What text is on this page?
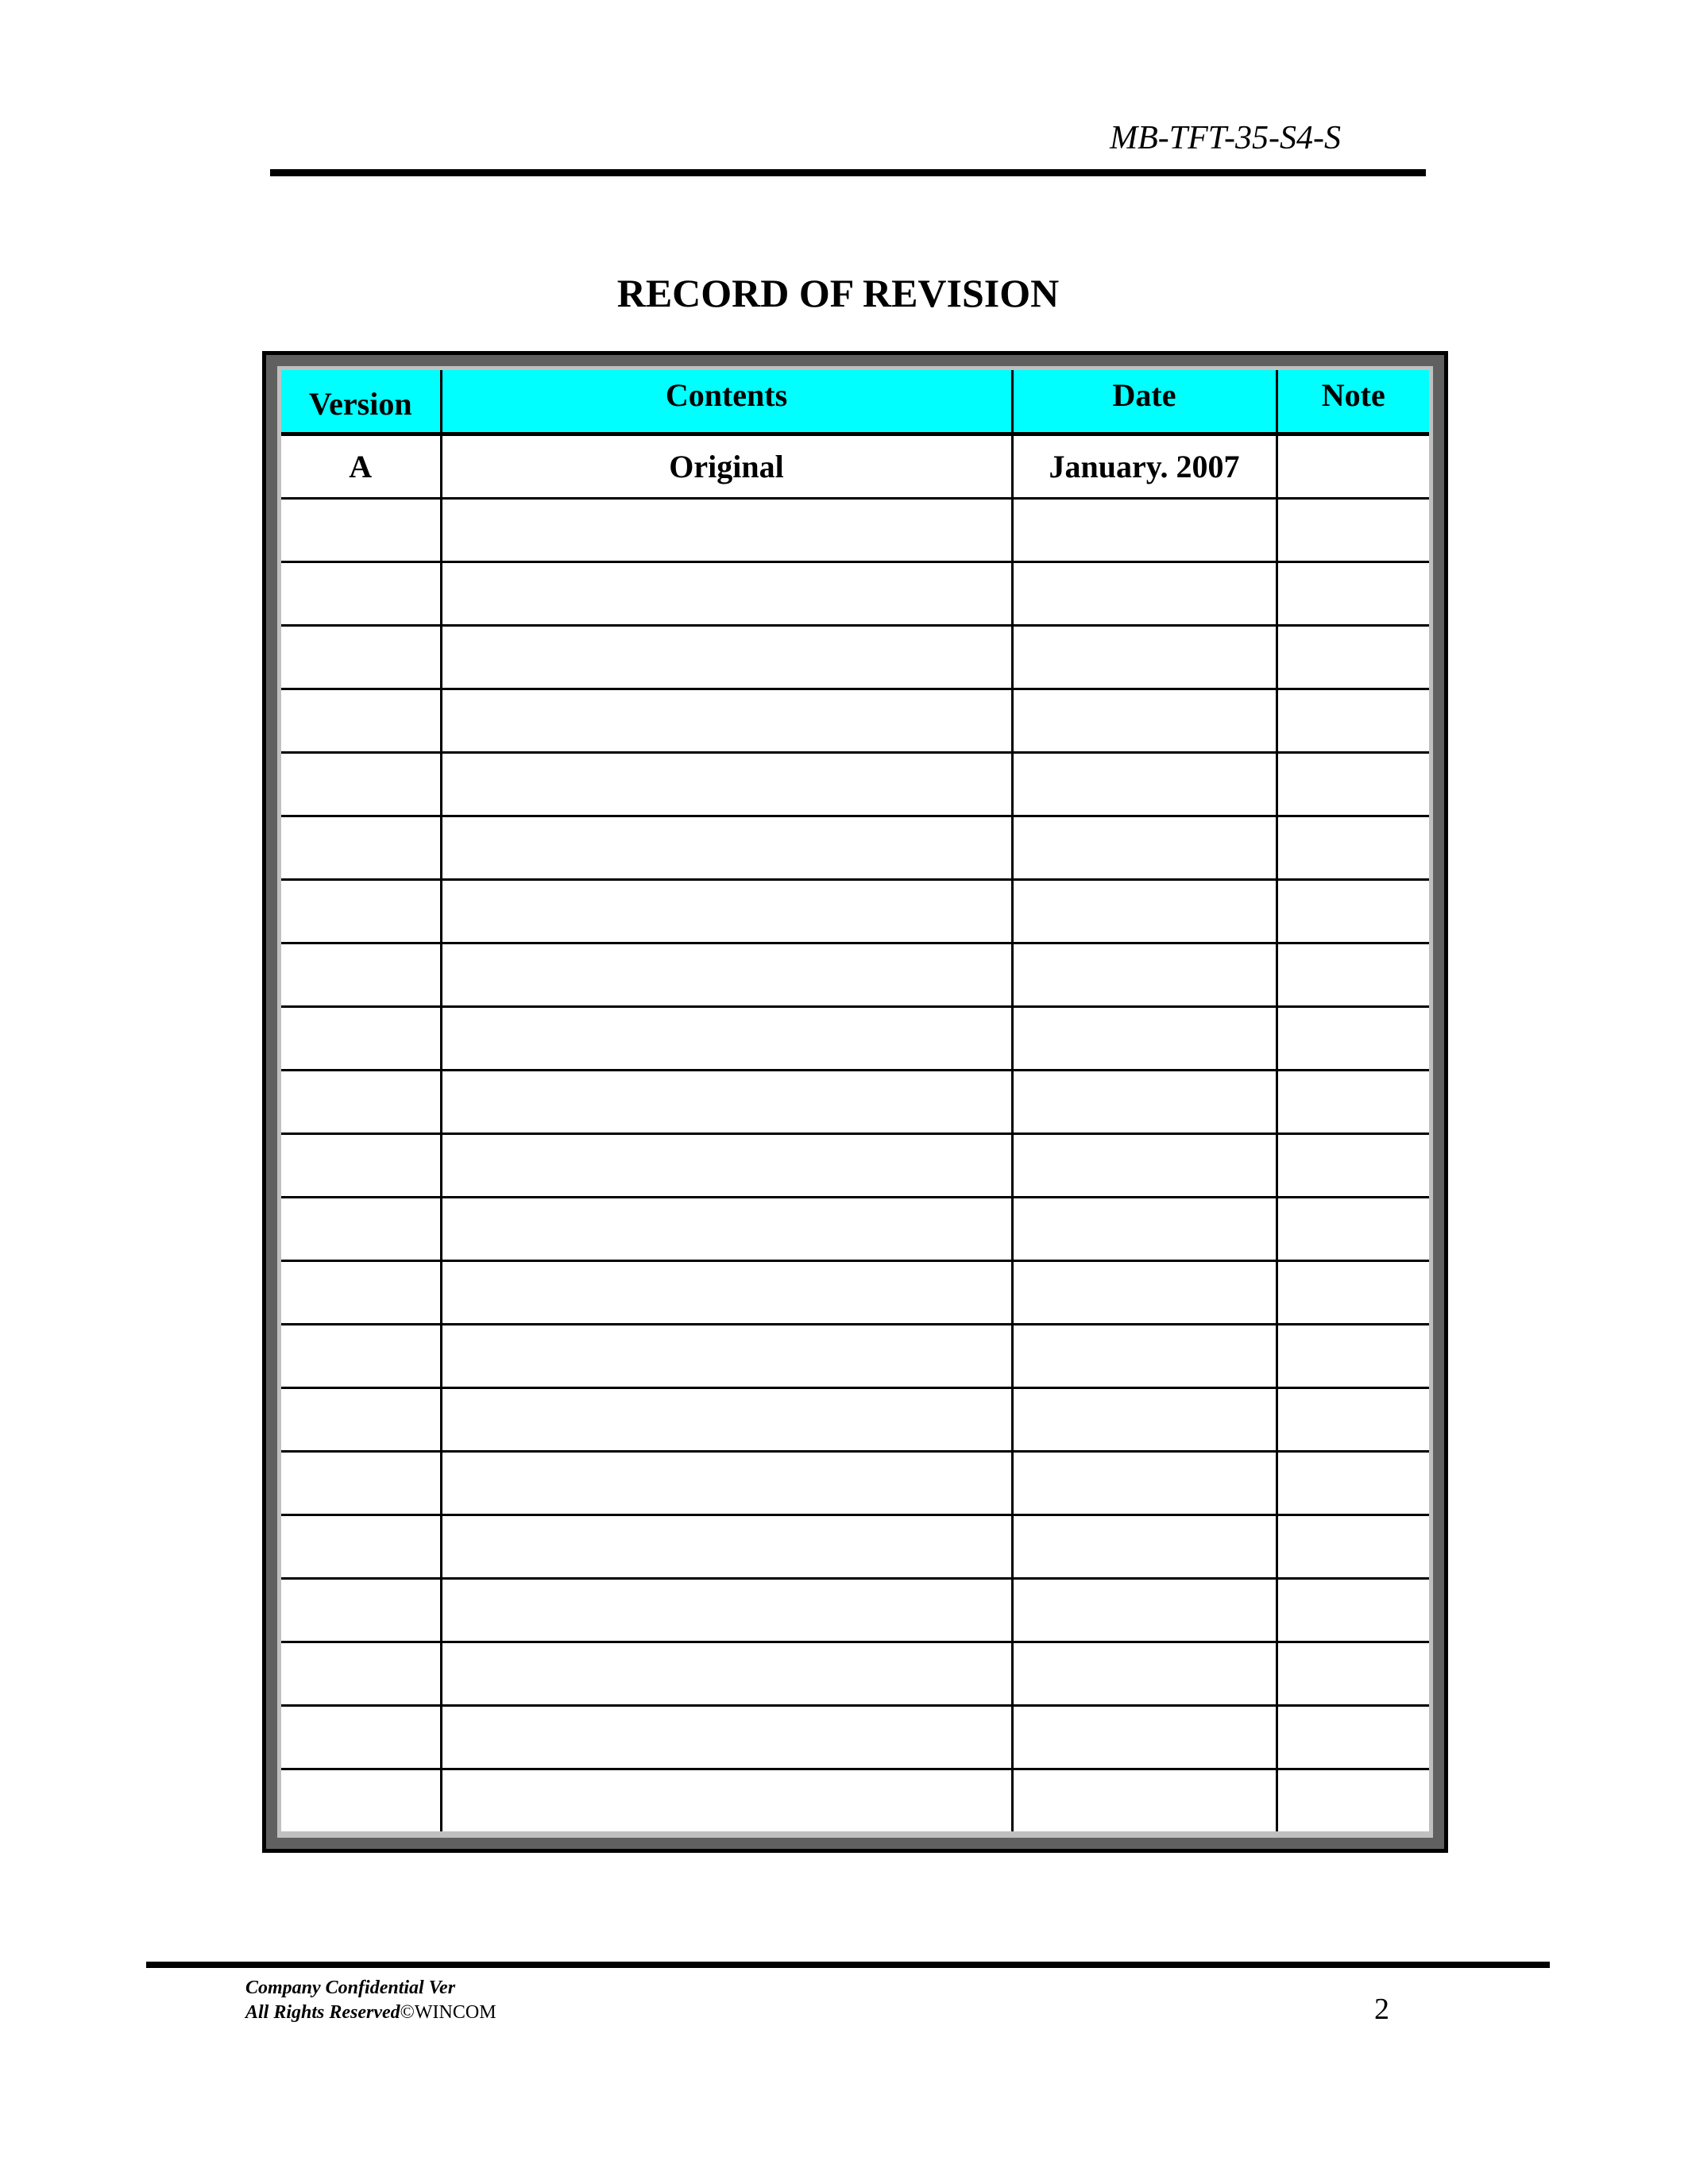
MB-TFT-35-S4-S
RECORD OF REVISION
Version	Contents	Date	Note
A	Original	January. 2007	

Company Confidential Ver
All Rights Reserved©WINCOM	2
